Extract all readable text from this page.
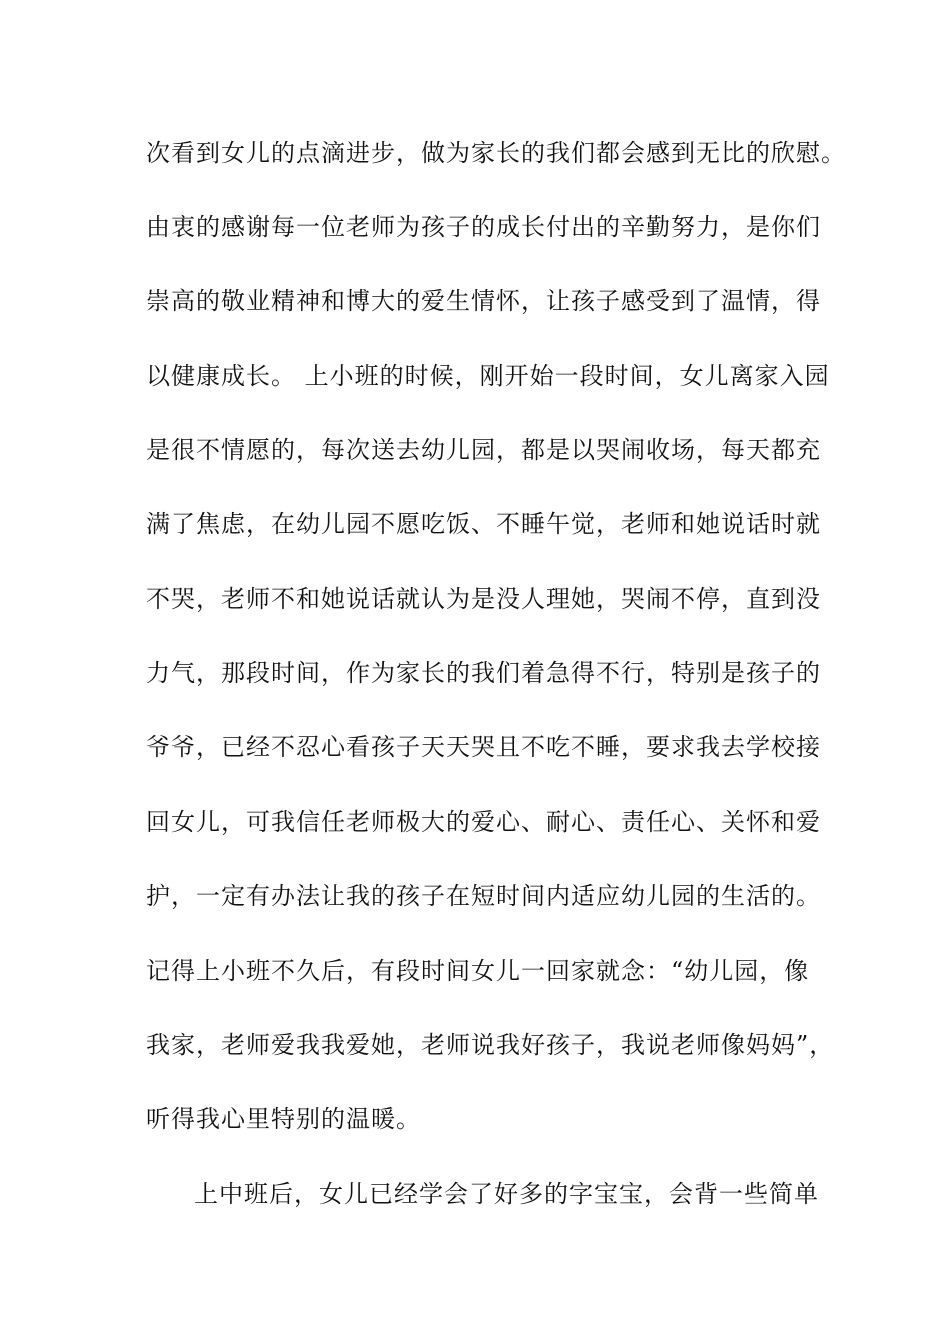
次看到女儿的点滴进步，做为家长的我们都会感到无比的欣慰。
由衷的感谢每一位老师为孩子的成长付出的辛勤努力，是你们
崇高的敬业精神和博大的爱生情怀，让孩子感受到了温情，得
以健康成长。 上小班的时候，刚开始一段时间，女儿离家入园
是很不情愿的，每次送去幼儿园，都是以哭闹收场，每天都充
满了焦虑，在幼儿园不愿吃饭、不睡午觉，老师和她说话时就
不哭，老师不和她说话就认为是没人理她，哭闹不停，直到没
力气，那段时间，作为家长的我们着急得不行，特别是孩子的
爷爷，已经不忍心看孩子天天哭且不吃不睡，要求我去学校接
回女儿，可我信任老师极大的爱心、耐心、责任心、关怀和爱
护，一定有办法让我的孩子在短时间内适应幼儿园的生活的。
记得上小班不久后，有段时间女儿一回家就念：“幼儿园，像
我家，老师爱我我爱她，老师说我好孩子，我说老师像妈妈”，
听得我心里特别的温暖。
上中班后，女儿已经学会了好多的字宝宝，会背一些简单
